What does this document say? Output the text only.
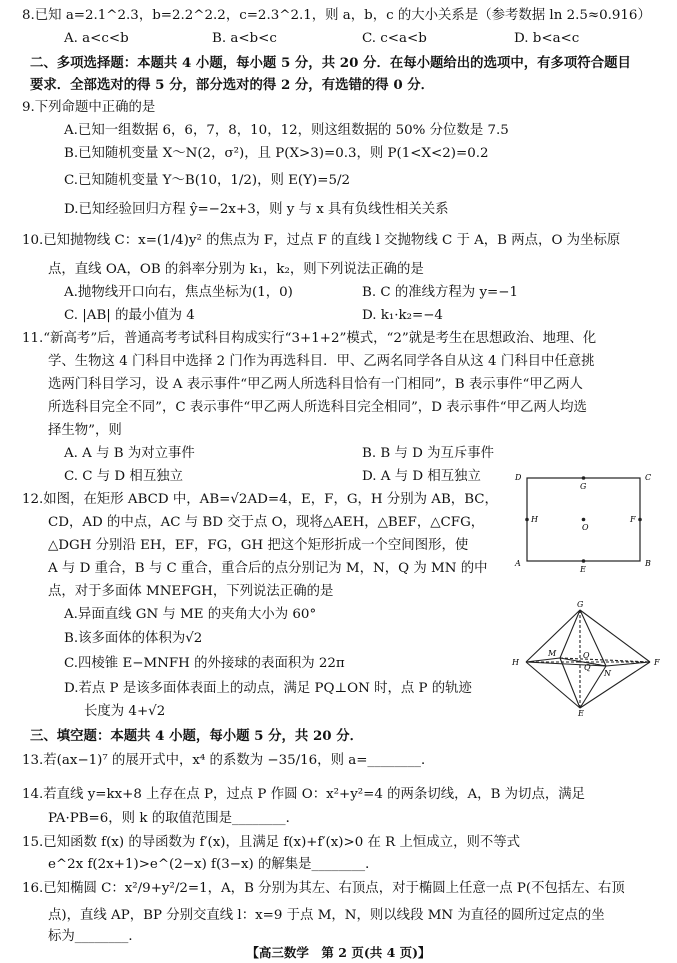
8.已知 a=2.1^2.3，b=2.2^2.2，c=2.3^2.1，则 a，b，c 的大小关系是（参考数据 ln 2.5≈0.916）
A. a<c<b	B. a<b<c	C. c<a<b	D. b<a<c
二、多项选择题：本题共 4 小题，每小题 5 分，共 20 分．在每小题给出的选项中，有多项符合题目
要求．全部选对的得 5 分，部分选对的得 2 分，有选错的得 0 分．
9.下列命题中正确的是
A.已知一组数据 6，6，7，8，10，12，则这组数据的 50% 分位数是 7.5
B.已知随机变量 X～N(2，σ²)，且 P(X>3)=0.3，则 P(1<X<2)=0.2
C.已知随机变量 Y～B(10，1/2)，则 E(Y)=5/2
D.已知经验回归方程 ŷ=−2x+3，则 y 与 x 具有负线性相关关系
10.已知抛物线 C：x=(1/4)y² 的焦点为 F，过点 F 的直线 l 交抛物线 C 于 A，B 两点，O 为坐标原
点，直线 OA，OB 的斜率分别为 k₁，k₂，则下列说法正确的是
A.抛物线开口向右，焦点坐标为(1，0)	B. C 的准线方程为 y=−1
C. |AB| 的最小值为 4	D. k₁·k₂=−4
11.“新高考”后，普通高考考试科目构成实行“3+1+2”模式，“2”就是考生在思想政治、地理、化
学、生物这 4 门科目中选择 2 门作为再选科目．甲、乙两名同学各自从这 4 门科目中任意挑
选两门科目学习，设 A 表示事件“甲乙两人所选科目恰有一门相同”，B 表示事件“甲乙两人
所选科目完全不同”，C 表示事件“甲乙两人所选科目完全相同”，D 表示事件“甲乙两人均选
择生物”，则
A. A 与 B 为对立事件	B. B 与 D 为互斥事件
C. C 与 D 相互独立	D. A 与 D 相互独立
12.如图，在矩形 ABCD 中，AB=√2AD=4，E，F，G，H 分别为 AB，BC，
CD，AD 的中点，AC 与 BD 交于点 O，现将△AEH，△BEF，△CFG，
△DGH 分别沿 EH，EF，FG，GH 把这个矩形折成一个空间图形，使
A 与 D 重合，B 与 C 重合，重合后的点分别记为 M，N，Q 为 MN 的中
点，对于多面体 MNEFGH，下列说法正确的是
A.异面直线 GN 与 ME 的夹角大小为 60°
B.该多面体的体积为√2
C.四棱锥 E−MNFH 的外接球的表面积为 22π
D.若点 P 是该多面体表面上的动点，满足 PQ⊥ON 时，点 P 的轨迹
长度为 4+√2
D	C
A	B
G
E
H	F
O
G
H	F
E
M
N
O
Q
三、填空题：本题共 4 小题，每小题 5 分，共 20 分．
13.若(ax−1)⁷ 的展开式中，x⁴ 的系数为 −35/16，则 a=________．
14.若直线 y=kx+8 上存在点 P，过点 P 作圆 O：x²+y²=4 的两条切线，A，B 为切点，满足
PA·PB=6，则 k 的取值范围是________．
15.已知函数 f(x) 的导函数为 f′(x)，且满足 f(x)+f′(x)>0 在 R 上恒成立，则不等式
e^2x f(2x+1)>e^(2−x) f(3−x) 的解集是________．
16.已知椭圆 C：x²/9+y²/2=1，A，B 分别为其左、右顶点，对于椭圆上任意一点 P(不包括左、右顶
点)，直线 AP，BP 分别交直线 l：x=9 于点 M，N，则以线段 MN 为直径的圆所过定点的坐
标为________．
【高三数学　第 2 页(共 4 页)】
